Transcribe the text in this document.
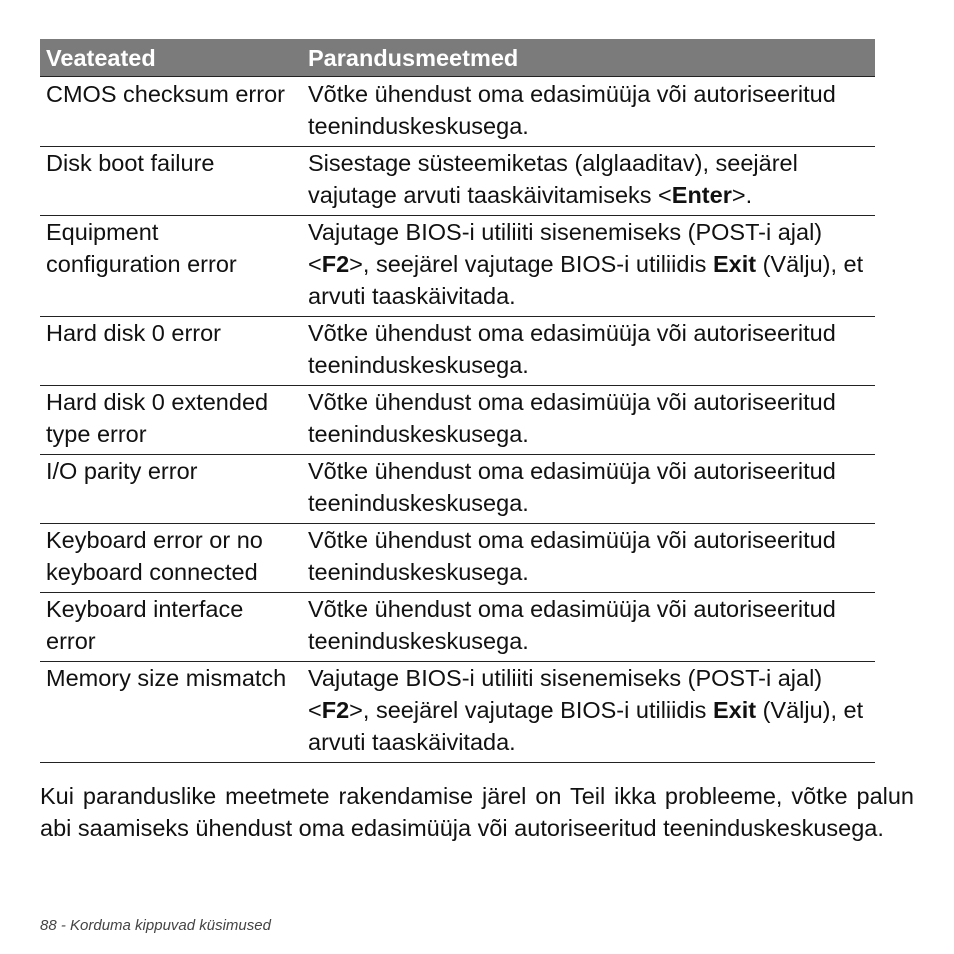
Veateated	Parandusmeetmed
CMOS checksum error	Võtke ühendust oma edasimüüja või autoriseeritud teeninduskeskusega.
Disk boot failure	Sisestage süsteemiketas (alglaaditav), seejärel vajutage arvuti taaskäivitamiseks <Enter>.
Equipment configuration error	Vajutage BIOS-i utiliiti sisenemiseks (POST-i ajal) <F2>, seejärel vajutage BIOS-i utiliidis Exit (Välju), et arvuti taaskäivitada.
Hard disk 0 error	Võtke ühendust oma edasimüüja või autoriseeritud teeninduskeskusega.
Hard disk 0 extended type error	Võtke ühendust oma edasimüüja või autoriseeritud teeninduskeskusega.
I/O parity error	Võtke ühendust oma edasimüüja või autoriseeritud teeninduskeskusega.
Keyboard error or no keyboard connected	Võtke ühendust oma edasimüüja või autoriseeritud teeninduskeskusega.
Keyboard interface error	Võtke ühendust oma edasimüüja või autoriseeritud teeninduskeskusega.
Memory size mismatch	Vajutage BIOS-i utiliiti sisenemiseks (POST-i ajal) <F2>, seejärel vajutage BIOS-i utiliidis Exit (Välju), et arvuti taaskäivitada.

Kui paranduslike meetmete rakendamise järel on Teil ikka probleeme, võtke palun abi saamiseks ühendust oma edasimüüja või autoriseeritud teeninduskeskusega.

88 - Korduma kippuvad küsimused
